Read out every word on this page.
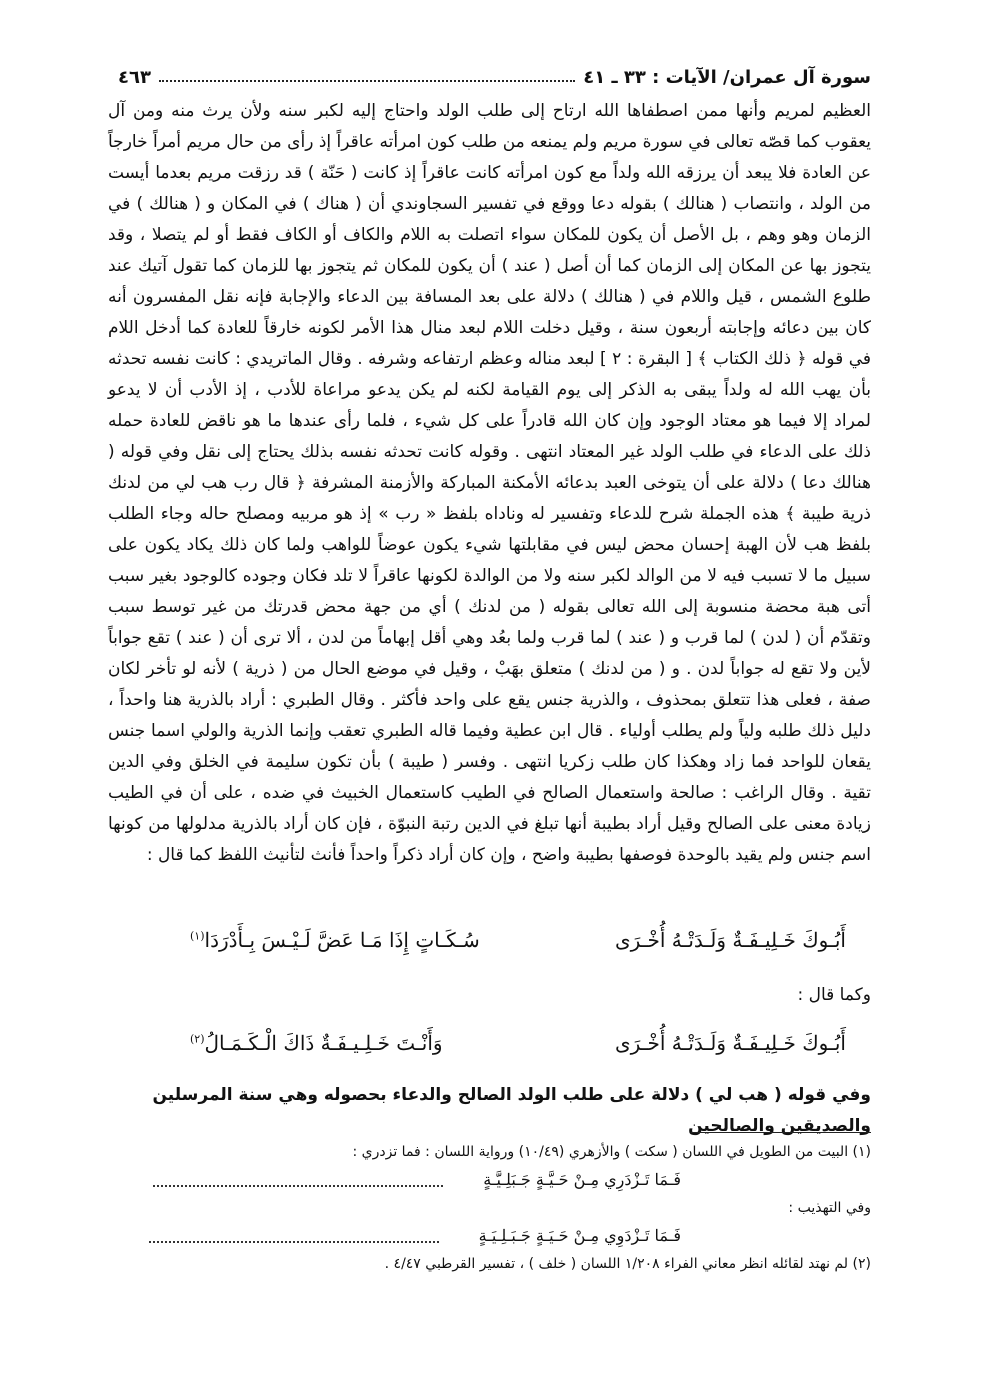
سورة آل عمران/ الآيات : ٣٣ ـ ٤١
٤٦٣

العظيم لمريم وأنها ممن اصطفاها الله ارتاح إلى طلب الولد واحتاج إليه لكبر سنه ولأن يرث منه ومن آل يعقوب كما قصّه تعالى في سورة مريم ولم يمنعه من طلب كون امرأته عاقراً إذ رأى من حال مريم أمراً خارجاً عن العادة فلا يبعد أن يرزقه الله ولداً مع كون امرأته كانت عاقراً إذ كانت ( حَنّة ) قد رزقت مريم بعدما أيست من الولد ، وانتصاب ( هنالك ) بقوله دعا ووقع في تفسير السجاوندي أن ( هناك ) في المكان و ( هنالك ) في الزمان وهو وهم ، بل الأصل أن يكون للمكان سواء اتصلت به اللام والكاف أو الكاف فقط أو لم يتصلا ، وقد يتجوز بها عن المكان إلى الزمان كما أن أصل ( عند ) أن يكون للمكان ثم يتجوز بها للزمان كما تقول آتيك عند طلوع الشمس ، قيل واللام في ( هنالك ) دلالة على بعد المسافة بين الدعاء والإجابة فإنه نقل المفسرون أنه كان بين دعائه وإجابته أربعون سنة ، وقيل دخلت اللام لبعد منال هذا الأمر لكونه خارقاً للعادة كما أدخل اللام في قوله ﴿ ذلك الكتاب ﴾ [ البقرة : ٢ ] لبعد مناله وعظم ارتفاعه وشرفه . وقال الماتريدي : كانت نفسه تحدثه بأن يهب الله له ولداً يبقى به الذكر إلى يوم القيامة لكنه لم يكن يدعو مراعاة للأدب ، إذ الأدب أن لا يدعو لمراد إلا فيما هو معتاد الوجود وإن كان الله قادراً على كل شيء ، فلما رأى عندها ما هو ناقض للعادة حمله ذلك على الدعاء في طلب الولد غير المعتاد انتهى . وقوله كانت تحدثه نفسه بذلك يحتاج إلى نقل وفي قوله ( هنالك دعا ) دلالة على أن يتوخى العبد بدعائه الأمكنة المباركة والأزمنة المشرفة ﴿ قال رب هب لي من لدنك ذرية طيبة ﴾ هذه الجملة شرح للدعاء وتفسير له وناداه بلفظ « رب » إذ هو مربيه ومصلح حاله وجاء الطلب بلفظ هب لأن الهبة إحسان محض ليس في مقابلتها شيء يكون عوضاً للواهب ولما كان ذلك يكاد يكون على سبيل ما لا تسبب فيه لا من الوالد لكبر سنه ولا من الوالدة لكونها عاقراً لا تلد فكان وجوده كالوجود بغير سبب أتى هبة محضة منسوبة إلى الله تعالى بقوله ( من لدنك ) أي من جهة محض قدرتك من غير توسط سبب وتقدّم أن ( لدن ) لما قرب و ( عند ) لما قرب ولما بعُد وهي أقل إبهاماً من لدن ، ألا ترى أن ( عند ) تقع جواباً لأين ولا تقع له جواباً لدن . و ( من لدنك ) متعلق بهَبْ ، وقيل في موضع الحال من ( ذرية ) لأنه لو تأخر لكان صفة ، فعلى هذا تتعلق بمحذوف ، والذرية جنس يقع على واحد فأكثر . وقال الطبري : أراد بالذرية هنا واحداً ، دليل ذلك طلبه ولياً ولم يطلب أولياء . قال ابن عطية وفيما قاله الطبري تعقب وإنما الذرية والولي اسما جنس يقعان للواحد فما زاد وهكذا كان طلب زكريا انتهى . وفسر ( طيبة ) بأن تكون سليمة في الخلق وفي الدين تقية . وقال الراغب : صالحة واستعمال الصالح في الطيب كاستعمال الخبيث في ضده ، على أن في الطيب زيادة معنى على الصالح وقيل أراد بطيبة أنها تبلغ في الدين رتبة النبوّة ، فإن كان أراد بالذرية مدلولها من كونها اسم جنس ولم يقيد بالوحدة فوصفها بطيبة واضح ، وإن كان أراد ذكراً واحداً فأنث لتأنيث اللفظ كما قال :

أَبُـوكَ خَـلِيـفَـةٌ وَلَـدَتْـهُ أُخْـرَى
سُـكَـاتٍ إِذَا مَـا عَضَّ لَـيْـسَ بِـأَدْرَدَا$^{(١)}$
وكما قال :
أَبُـوكَ خَـلِيـفَـةٌ وَلَـدَتْـهُ أُخْـرَى
وَأَنْـتَ خَـلِـيـفَـةٌ ذَاكَ الْـكَـمَـالُ$^{(٢)}$
وفي قوله ( هب لي ) دلالة على طلب الولد الصالح والدعاء بحصوله وهي سنة المرسلين والصديقين والصالحين
(١) البيت من الطويل في اللسان ( سكت ) والأزهري (١٠/٤٩) ورواية اللسان : فما تزدري :
فَـمَا تَـزْدَرِي مِـنْ حَـيَّـةٍ جَـبَلِـيَّـةٍ
وفي التهذيب :
فَـمَا تَـزْدَوِي مِـنْ حَـيَـةٍ جَـبَـلِـيَـةٍ
(٢) لم نهتد لقائله انظر معاني الفراء ١/٢٠٨ اللسان ( خلف ) ، تفسير القرطبي ٤/٤٧ .
